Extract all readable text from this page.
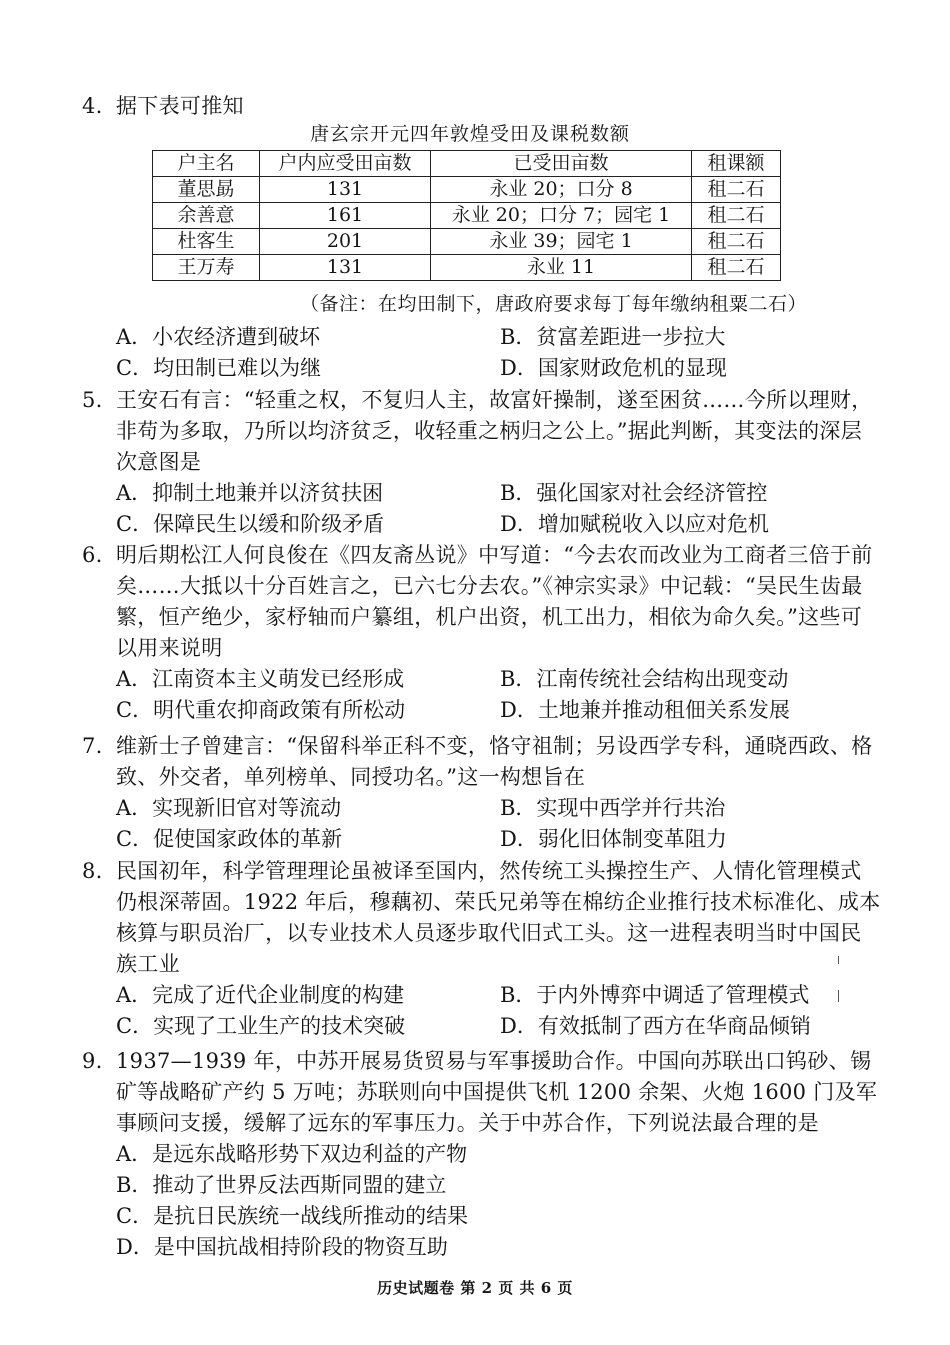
4. 据下表可推知

唐玄宗开元四年敦煌受田及课税数额
户主名	户内应受田亩数	已受田亩数	租课额
董思勗	131	永业 20；口分 8	租二石
余善意	161	永业 20；口分 7；园宅 1	租二石
杜客生	201	永业 39；园宅 1	租二石
王万寿	131	永业 11	租二石
（备注：在均田制下，唐政府要求每丁每年缴纳租粟二石）
A．小农经济遭到破坏	B．贫富差距进一步拉大
C．均田制已难以为继	D．国家财政危机的显现

5. 王安石有言：“轻重之权，不复归人主，故富奸操制，遂至困贫……今所以理财，非苟为多取，乃所以均济贫乏，收轻重之柄归之公上。”据此判断，其变法的深层次意图是

A．抑制土地兼并以济贫扶困	B．强化国家对社会经济管控
C．保障民生以缓和阶级矛盾	D．增加赋税收入以应对危机

6. 明后期松江人何良俊在《四友斋丛说》中写道：“今去农而改业为工商者三倍于前矣……大抵以十分百姓言之，已六七分去农。”《神宗实录》中记载：“吴民生齿最繁，恒产绝少，家杼轴而户纂组，机户出资，机工出力，相依为命久矣。”这些可以用来说明

A．江南资本主义萌发已经形成	B．江南传统社会结构出现变动
C．明代重农抑商政策有所松动	D．土地兼并推动租佃关系发展

7. 维新士子曾建言：“保留科举正科不变，恪守祖制；另设西学专科，通晓西政、格致、外交者，单列榜单、同授功名。”这一构想旨在

A．实现新旧官对等流动	B．实现中西学并行共治
C．促使国家政体的革新	D．弱化旧体制变革阻力

8. 民国初年，科学管理理论虽被译至国内，然传统工头操控生产、人情化管理模式仍根深蒂固。1922 年后，穆藕初、荣氏兄弟等在棉纺企业推行技术标准化、成本核算与职员治厂，以专业技术人员逐步取代旧式工头。这一进程表明当时中国民族工业

A．完成了近代企业制度的构建	B．于内外博弈中调适了管理模式
C．实现了工业生产的技术突破	D．有效抵制了西方在华商品倾销

9. 1937—1939 年，中苏开展易货贸易与军事援助合作。中国向苏联出口钨砂、锡矿等战略矿产约 5 万吨；苏联则向中国提供飞机 1200 余架、火炮 1600 门及军事顾问支援，缓解了远东的军事压力。关于中苏合作，下列说法最合理的是

A．是远东战略形势下双边利益的产物
B．推动了世界反法西斯同盟的建立
C．是抗日民族统一战线所推动的结果
D．是中国抗战相持阶段的物资互助
历史试题卷 第 2 页 共 6 页
